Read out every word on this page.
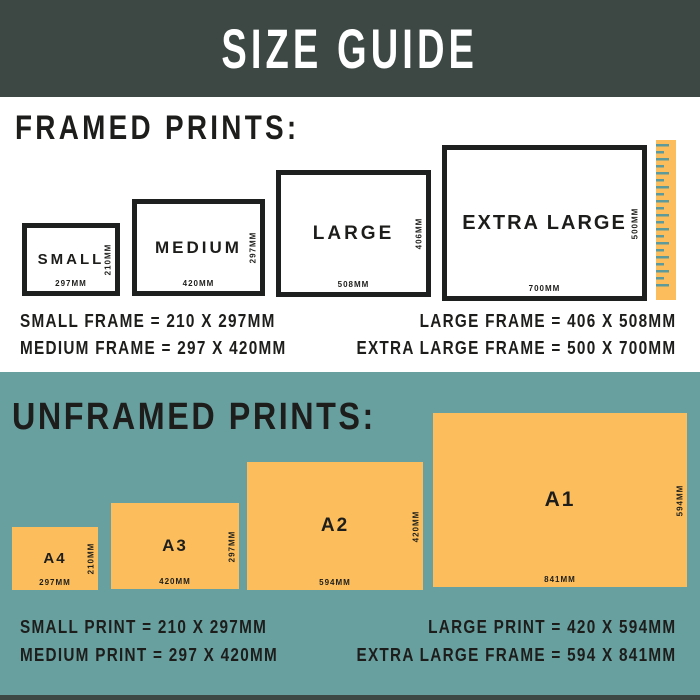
SIZE GUIDE
FRAMED PRINTS:
SMALL
297MM
210MM	MEDIUM
420MM
297MM	LARGE
508MM
406MM EXTRA LARGE
700MM
500MM
SMALL FRAME = 210 X 297MM
MEDIUM FRAME = 297 X 420MM
LARGE FRAME = 406 X 508MM
EXTRA LARGE FRAME = 500 X 700MM
UNFRAMED PRINTS:
A4
297MM
210MM	A3
420MM
297MM
A2
594MM
420MM
A1
841MM
594MM
SMALL PRINT = 210 X 297MM
MEDIUM PRINT = 297 X 420MM
LARGE PRINT = 420 X 594MM
EXTRA LARGE FRAME = 594 X 841MM
